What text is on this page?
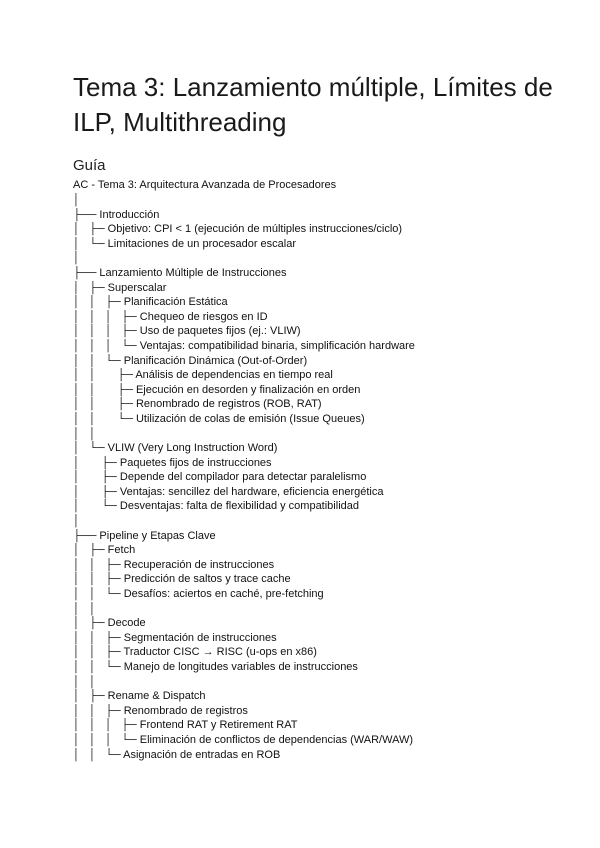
Tema 3: Lanzamiento múltiple, Límites de ILP, Multithreading
Guía
AC - Tema 3: Arquitectura Avanzada de Procesadores
│
├── Introducción
│   ├─ Objetivo: CPI < 1 (ejecución de múltiples instrucciones/ciclo)
│   └─ Limitaciones de un procesador escalar
│
├── Lanzamiento Múltiple de Instrucciones
│   ├─ Superscalar
│   │   ├─ Planificación Estática
│   │   │   ├─ Chequeo de riesgos en ID
│   │   │   ├─ Uso de paquetes fijos (ej.: VLIW)
│   │   │   └─ Ventajas: compatibilidad binaria, simplificación hardware
│   │   └─ Planificación Dinámica (Out-of-Order)
│   │       ├─ Análisis de dependencias en tiempo real
│   │       ├─ Ejecución en desorden y finalización en orden
│   │       ├─ Renombrado de registros (ROB, RAT)
│   │       └─ Utilización de colas de emisión (Issue Queues)
│   │
│   └─ VLIW (Very Long Instruction Word)
│       ├─ Paquetes fijos de instrucciones
│       ├─ Depende del compilador para detectar paralelismo
│       ├─ Ventajas: sencillez del hardware, eficiencia energética
│       └─ Desventajas: falta de flexibilidad y compatibilidad
│
├── Pipeline y Etapas Clave
│   ├─ Fetch
│   │   ├─ Recuperación de instrucciones
│   │   ├─ Predicción de saltos y trace cache
│   │   └─ Desafíos: aciertos en caché, pre-fetching
│   │
│   ├─ Decode
│   │   ├─ Segmentación de instrucciones
│   │   ├─ Traductor CISC → RISC (u-ops en x86)
│   │   └─ Manejo de longitudes variables de instrucciones
│   │
│   ├─ Rename & Dispatch
│   │   ├─ Renombrado de registros
│   │   │   ├─ Frontend RAT y Retirement RAT
│   │   │   └─ Eliminación de conflictos de dependencias (WAR/WAW)
│   │   └─ Asignación de entradas en ROB
